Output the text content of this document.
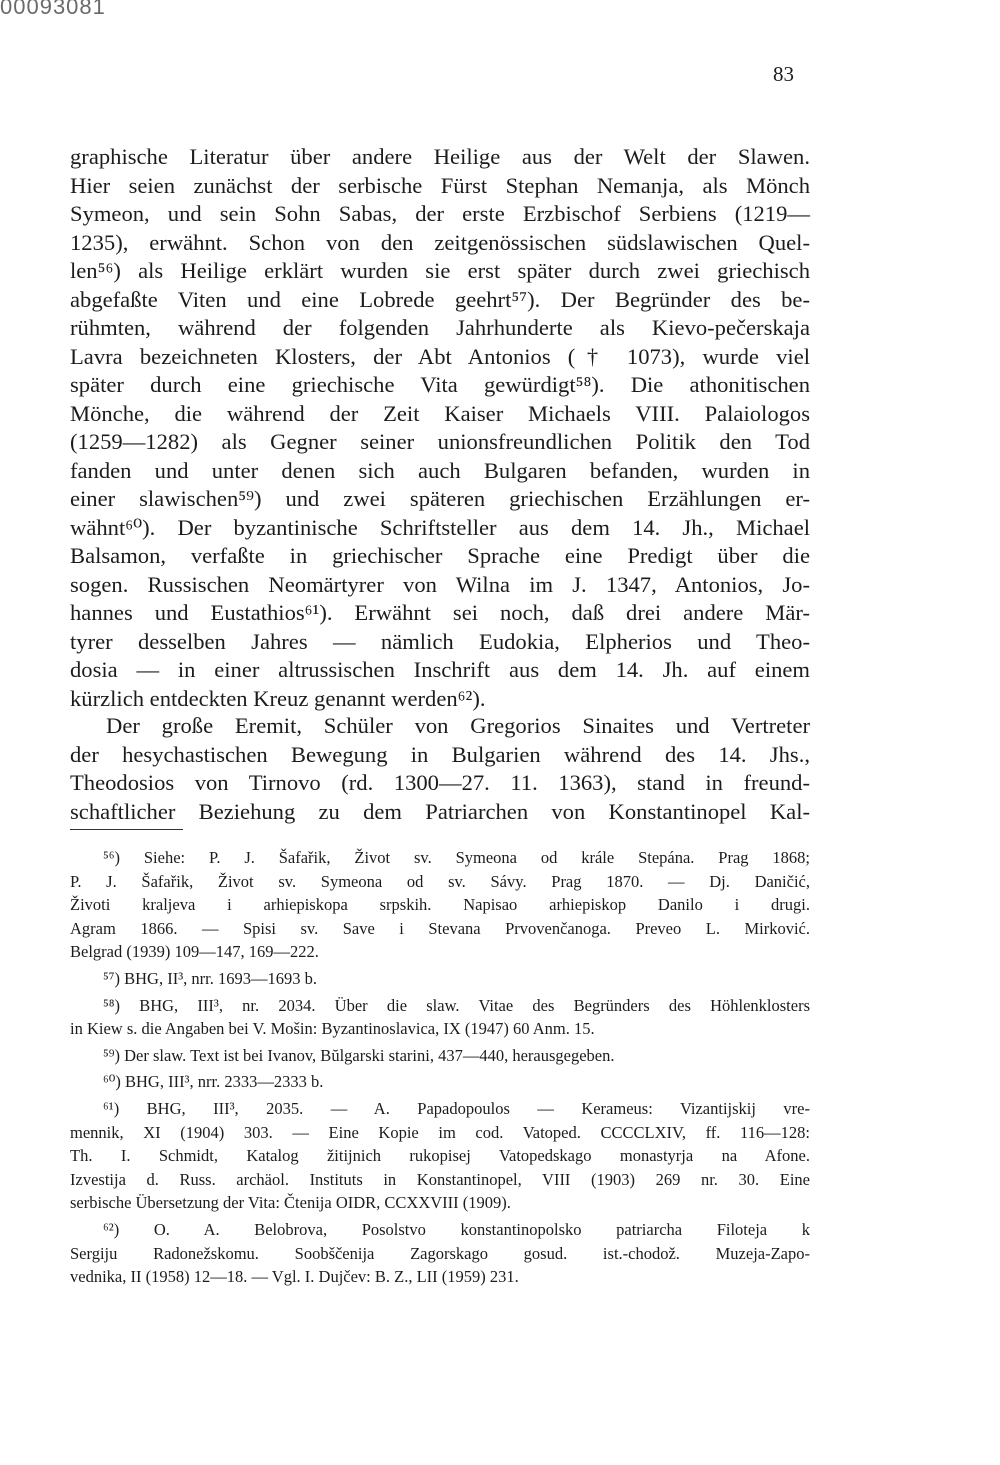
00093081

83

graphische Literatur über andere Heilige aus der Welt der Slawen.
Hier seien zunächst der serbische Fürst Stephan Nemanja, als Mönch
Symeon, und sein Sohn Sabas, der erste Erzbischof Serbiens (1219—
1235), erwähnt. Schon von den zeitgenössischen südslawischen Quel-
len⁵⁶) als Heilige erklärt wurden sie erst später durch zwei griechisch
abgefaßte Viten und eine Lobrede geehrt⁵⁷). Der Begründer des be-
rühmten, während der folgenden Jahrhunderte als Kievo-pečerskaja
Lavra bezeichneten Klosters, der Abt Antonios († 1073), wurde viel
später durch eine griechische Vita gewürdigt⁵⁸). Die athonitischen
Mönche, die während der Zeit Kaiser Michaels VIII. Palaiologos
(1259—1282) als Gegner seiner unionsfreundlichen Politik den Tod
fanden und unter denen sich auch Bulgaren befanden, wurden in
einer slawischen⁵⁹) und zwei späteren griechischen Erzählungen er-
wähnt⁶⁰). Der byzantinische Schriftsteller aus dem 14. Jh., Michael
Balsamon, verfaßte in griechischer Sprache eine Predigt über die
sogen. Russischen Neomärtyrer von Wilna im J. 1347, Antonios, Jo-
hannes und Eustathios⁶¹). Erwähnt sei noch, daß drei andere Mär-
tyrer desselben Jahres — nämlich Eudokia, Elpherios und Theo-
dosia — in einer altrussischen Inschrift aus dem 14. Jh. auf einem
kürzlich entdeckten Kreuz genannt werden⁶²).
Der große Eremit, Schüler von Gregorios Sinaites und Vertreter
der hesychastischen Bewegung in Bulgarien während des 14. Jhs.,
Theodosios von Tirnovo (rd. 1300—27. 11. 1363), stand in freund-
schaftlicher Beziehung zu dem Patriarchen von Konstantinopel Kal-
⁵⁶) Siehe: P. J. Šafařik, Život sv. Symeona od krále Stepána. Prag 1868;
P. J. Šafařik, Život sv. Symeona od sv. Sávy. Prag 1870. — Dj. Daničić,
Životi kraljeva i arhiepiskopa srpskih. Napisao arhiepiskop Danilo i drugi.
Agram 1866. — Spisi sv. Save i Stevana Prvovenčanoga. Preveo L. Mirković.
Belgrad (1939) 109—147, 169—222.
⁵⁷) BHG, II³, nrr. 1693—1693 b.
⁵⁸) BHG, III³, nr. 2034. Über die slaw. Vitae des Begründers des Höhlenklosters
in Kiew s. die Angaben bei V. Mošin: Byzantinoslavica, IX (1947) 60 Anm. 15.
⁵⁹) Der slaw. Text ist bei Ivanov, Bŭlgarski starini, 437—440, herausgegeben.
⁶⁰) BHG, III³, nrr. 2333—2333 b.
⁶¹) BHG, III³, 2035. — A. Papadopoulos — Kerameus: Vizantijskij vre-
mennik, XI (1904) 303. — Eine Kopie im cod. Vatoped. CCCCLXIV, ff. 116—128:
Th. I. Schmidt, Katalog žitijnich rukopisej Vatopedskago monastyrja na Afone.
Izvestija d. Russ. archäol. Instituts in Konstantinopel, VIII (1903) 269 nr. 30. Eine
serbische Übersetzung der Vita: Čtenija OIDR, CCXXVIII (1909).
⁶²) O. A. Belobrova, Posolstvo konstantinopolsko patriarcha Filoteja k
Sergiju Radonežskomu. Soobščenija Zagorskago gosud. ist.-chodož. Muzeja-Zapo-
vednika, II (1958) 12—18. — Vgl. I. Dujčev: B. Z., LII (1959) 231.
